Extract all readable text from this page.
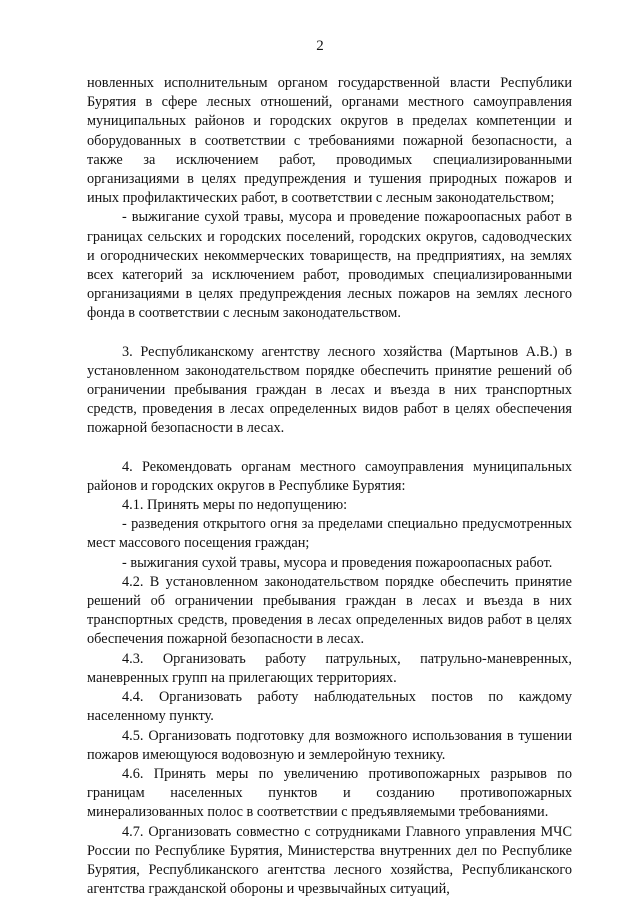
2

новленных исполнительным органом государственной власти Республики Бурятия в сфере лесных отношений, органами местного самоуправления муниципальных районов и городских округов в пределах компетенции и оборудованных в соответствии с требованиями пожарной безопасности, а также за исключением работ, проводимых специализированными организациями в целях предупреждения и тушения природных пожаров и иных профилактических работ, в соответствии с лесным законодательством;

- выжигание сухой травы, мусора и проведение пожароопасных работ в границах сельских и городских поселений, городских округов, садоводческих и огороднических некоммерческих товариществ, на предприятиях, на землях всех категорий за исключением работ, проводимых специализированными организациями в целях предупреждения лесных пожаров на землях лесного фонда в соответствии с лесным законодательством.

3. Республиканскому агентству лесного хозяйства (Мартынов А.В.) в установленном законодательством порядке обеспечить принятие решений об ограничении пребывания граждан в лесах и въезда в них транспортных средств, проведения в лесах определенных видов работ в целях обеспечения пожарной безопасности в лесах.

4. Рекомендовать органам местного самоуправления муниципальных районов и городских округов в Республике Бурятия:

4.1. Принять меры по недопущению:

- разведения открытого огня за пределами специально предусмотренных мест массового посещения граждан;

- выжигания сухой травы, мусора и проведения пожароопасных работ.

4.2. В установленном законодательством порядке обеспечить принятие решений об ограничении пребывания граждан в лесах и въезда в них транспортных средств, проведения в лесах определенных видов работ в целях обеспечения пожарной безопасности в лесах.

4.3. Организовать работу патрульных, патрульно-маневренных, маневренных групп на прилегающих территориях.

4.4. Организовать работу наблюдательных постов по каждому населенному пункту.

4.5. Организовать подготовку для возможного использования в тушении пожаров имеющуюся водовозную и землеройную технику.

4.6. Принять меры по увеличению противопожарных разрывов по границам населенных пунктов и созданию противопожарных минерализованных полос в соответствии с предъявляемыми требованиями.

4.7. Организовать совместно с сотрудниками Главного управления МЧС России по Республике Бурятия, Министерства внутренних дел по Республике Бурятия, Республиканского агентства лесного хозяйства, Республиканского агентства гражданской обороны и чрезвычайных ситуаций,
